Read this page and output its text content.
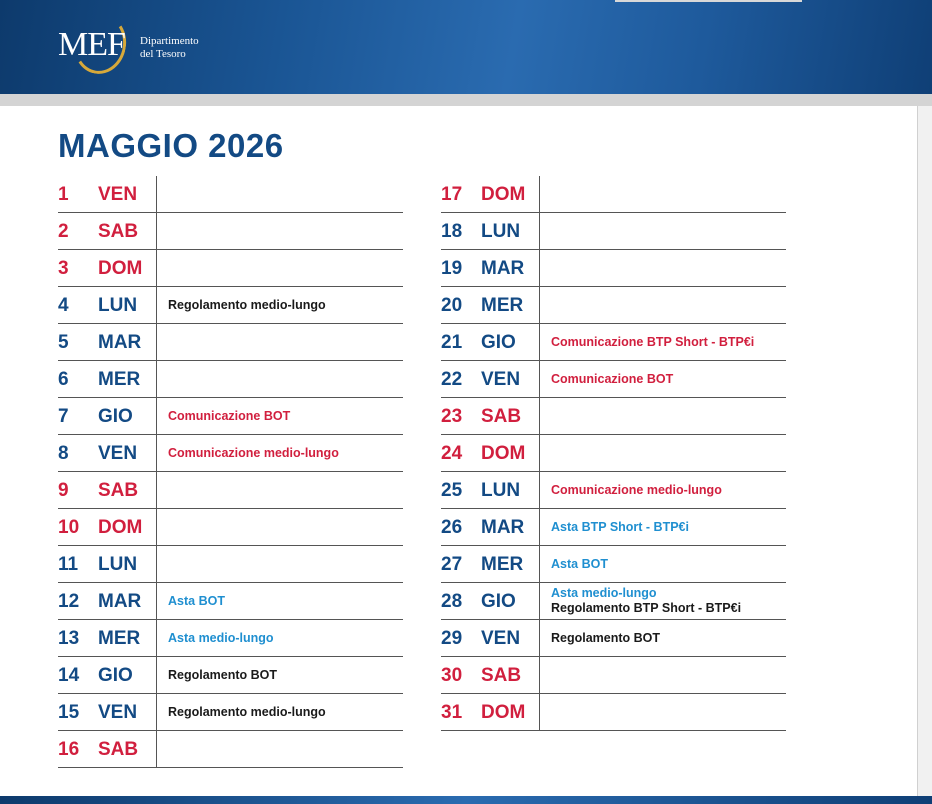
MEF Dipartimento
del Tesoro
MAGGIO 2026
1 VEN
2 SAB
3 DOM
4 LUN Regolamento medio-lungo
5 MAR
6 MER
7 GIO	Comunicazione BOT
8 VEN Comunicazione medio-lungo
9 SAB
10 DOM
11 LUN
12 MAR Asta BOT
13 MER Asta medio-lungo
14 GIO	Regolamento BOT
15 VEN Regolamento medio-lungo
16 SAB
17 DOM
18 LUN
19 MAR
20 MER
21 GIO	Comunicazione BTP Short - BTP€i
22 VEN Comunicazione BOT
23 SAB
24 DOM
25 LUN Comunicazione medio-lungo
26 MAR Asta BTP Short - BTP€i
27 MER Asta BOT
28 GIO	Asta medio-lungo
Regolamento BTP Short - BTP€i
29 VEN Regolamento BOT
30 SAB
31 DOM
